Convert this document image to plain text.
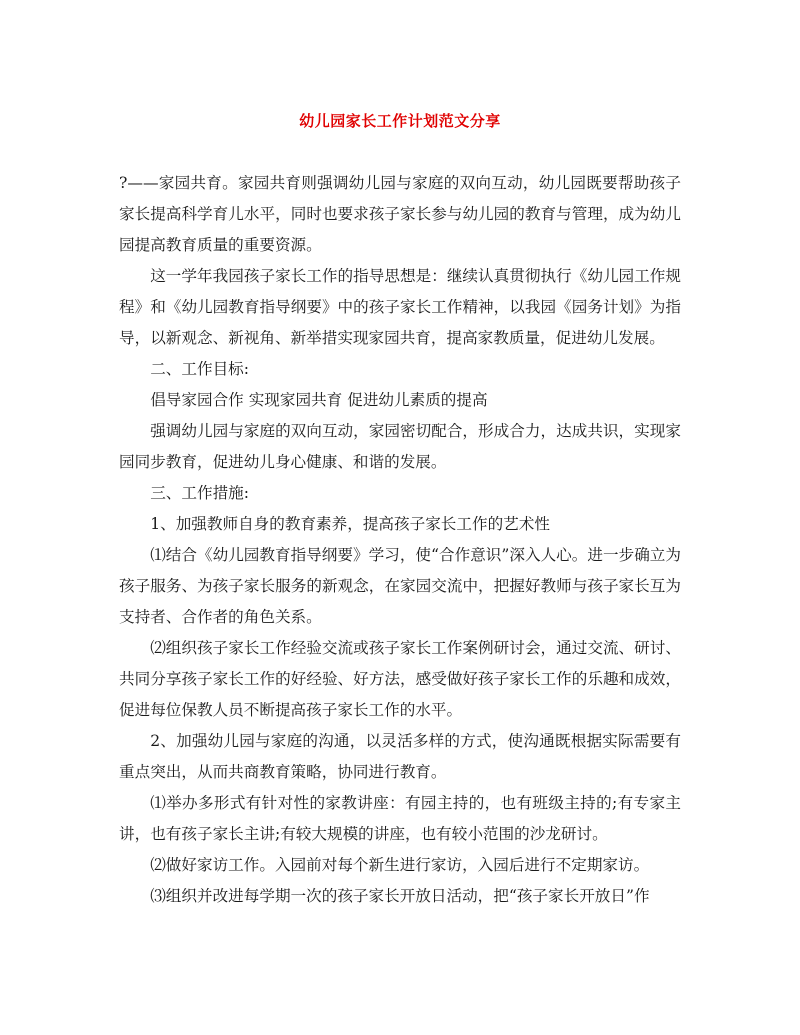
幼儿园家长工作计划范文分享

?——家园共育。家园共育则强调幼儿园与家庭的双向互动，幼儿园既要帮助孩子家长提高科学育儿水平，同时也要求孩子家长参与幼儿园的教育与管理，成为幼儿园提高教育质量的重要资源。

这一学年我园孩子家长工作的指导思想是：继续认真贯彻执行《幼儿园工作规程》和《幼儿园教育指导纲要》中的孩子家长工作精神，以我园《园务计划》为指导，以新观念、新视角、新举措实现家园共育，提高家教质量，促进幼儿发展。

二、工作目标:

倡导家园合作 实现家园共育 促进幼儿素质的提高

强调幼儿园与家庭的双向互动，家园密切配合，形成合力，达成共识，实现家园同步教育，促进幼儿身心健康、和谐的发展。

三、工作措施:

1、加强教师自身的教育素养，提高孩子家长工作的艺术性

⑴结合《幼儿园教育指导纲要》学习，使“合作意识”深入人心。进一步确立为孩子服务、为孩子家长服务的新观念，在家园交流中，把握好教师与孩子家长互为支持者、合作者的角色关系。

⑵组织孩子家长工作经验交流或孩子家长工作案例研讨会，通过交流、研讨、共同分享孩子家长工作的好经验、好方法，感受做好孩子家长工作的乐趣和成效，促进每位保教人员不断提高孩子家长工作的水平。

2、加强幼儿园与家庭的沟通，以灵活多样的方式，使沟通既根据实际需要有重点突出，从而共商教育策略，协同进行教育。

⑴举办多形式有针对性的家教讲座：有园主持的，也有班级主持的;有专家主讲，也有孩子家长主讲;有较大规模的讲座，也有较小范围的沙龙研讨。

⑵做好家访工作。入园前对每个新生进行家访，入园后进行不定期家访。

⑶组织并改进每学期一次的孩子家长开放日活动，把“孩子家长开放日”作
